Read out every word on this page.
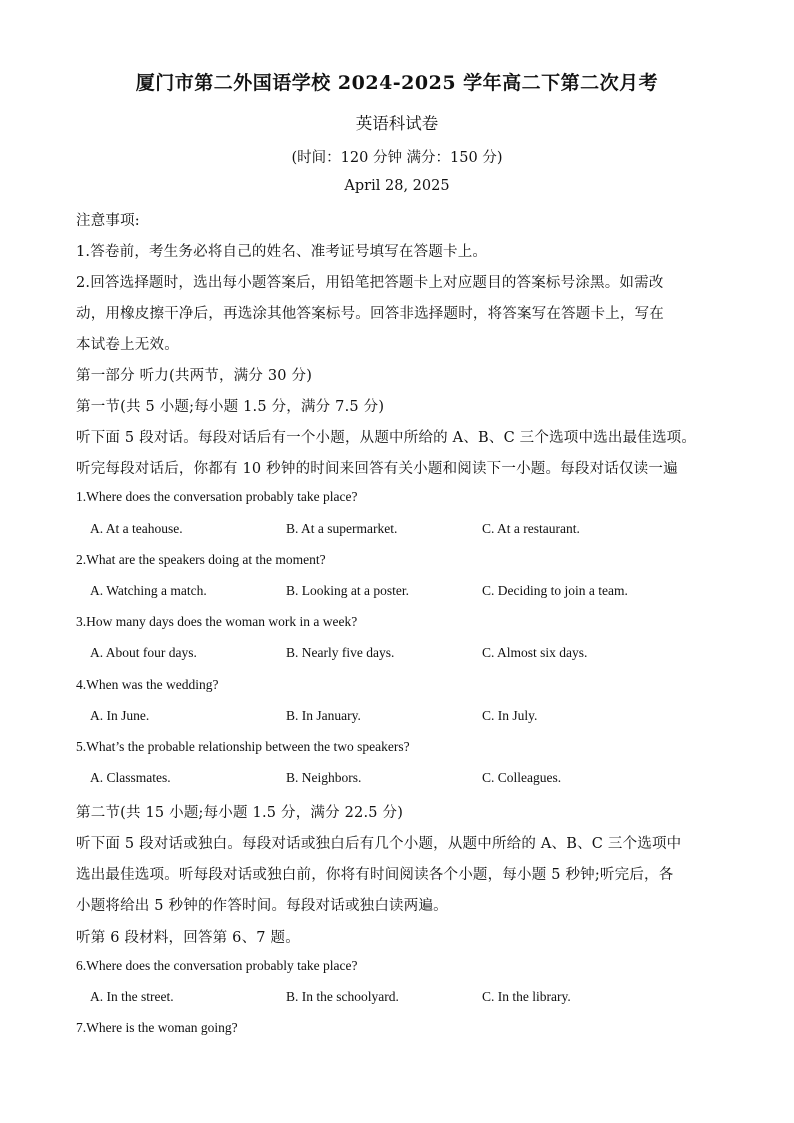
厦门市第二外国语学校 2024-2025 学年高二下第二次月考
英语科试卷
(时间：120 分钟 满分：150 分)
April 28, 2025
注意事项:
1.答卷前，考生务必将自己的姓名、准考证号填写在答题卡上。
2.回答选择题时，选出每小题答案后，用铅笔把答题卡上对应题目的答案标号涂黑。如需改
动，用橡皮擦干净后，再选涂其他答案标号。回答非选择题时，将答案写在答题卡上，写在
本试卷上无效。
第一部分 听力(共两节，满分 30 分)
第一节(共 5 小题;每小题 1.5 分，满分 7.5 分)
听下面 5 段对话。每段对话后有一个小题，从题中所给的 A、B、C 三个选项中选出最佳选项。
听完每段对话后，你都有 10 秒钟的时间来回答有关小题和阅读下一小题。每段对话仅读一遍
1.Where does the conversation probably take place?
A. At a teahouse.	B. At a supermarket.	C. At a restaurant.
2.What are the speakers doing at the moment?
A. Watching a match.	B. Looking at a poster.	C. Deciding to join a team.
3.How many days does the woman work in a week?
A. About four days.	B. Nearly five days.	C. Almost six days.
4.When was the wedding?
A. In June.	B. In January.	C. In July.
5.What’s the probable relationship between the two speakers?
A. Classmates.	B. Neighbors.	C. Colleagues.
第二节(共 15 小题;每小题 1.5 分，满分 22.5 分)
听下面 5 段对话或独白。每段对话或独白后有几个小题，从题中所给的 A、B、C 三个选项中
选出最佳选项。听每段对话或独白前，你将有时间阅读各个小题，每小题 5 秒钟;听完后，各
小题将给出 5 秒钟的作答时间。每段对话或独白读两遍。
听第 6 段材料，回答第 6、7 题。
6.Where does the conversation probably take place?
A. In the street.	B. In the schoolyard.	C. In the library.
7.Where is the woman going?
